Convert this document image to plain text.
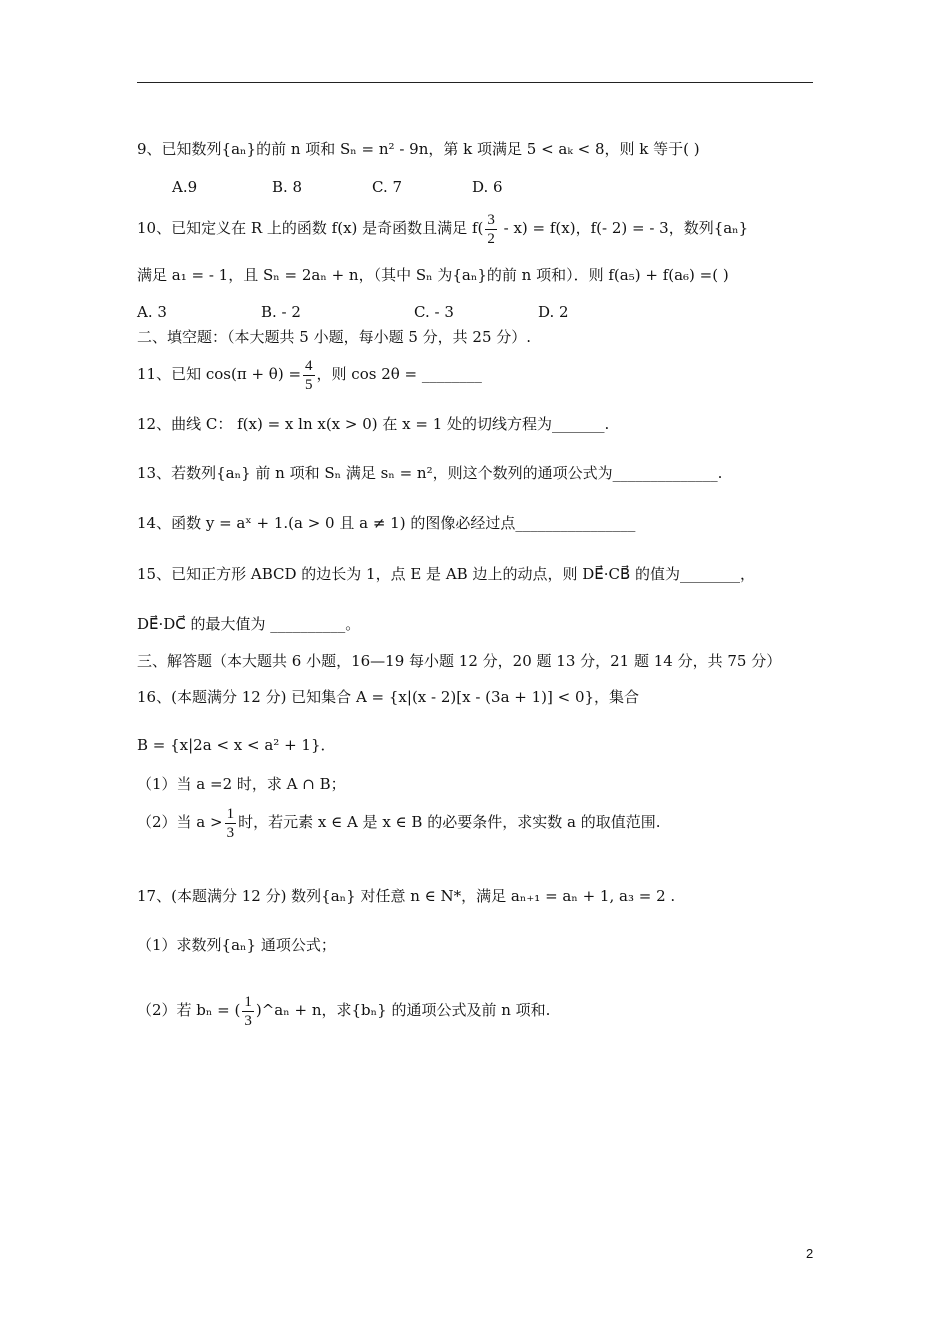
9、已知数列{aₙ}的前 n 项和 Sₙ = n² - 9n，第 k 项满足 5 < aₖ < 8，则 k 等于( )
A.9	B. 8	C. 7	D. 6
10、已知定义在 R 上的函数 f(x) 是奇函数且满足 $f( \frac{3}{2} - x) = f(x)$，f(- 2) = - 3，数列{aₙ}
满足 a₁ = - 1，且 Sₙ = 2aₙ + n，（其中 Sₙ 为{aₙ}的前 n 项和）．则 f(a₅) + f(a₆) =( )
A. 3	B. - 2	C. - 3	D. 2
二、填空题：（本大题共 5 小题，每小题 5 分，共 25 分）.
11、已知 $\cos(\pi + \theta) = \frac{4}{5}$ ，则 cos 2θ = ________
12、曲线 C： f(x) = x ln x(x > 0) 在 x = 1 处的切线方程为_______.
13、若数列{aₙ} 前 n 项和 Sₙ 满足 sₙ = n²，则这个数列的通项公式为______________.
14、函数 y = aˣ + 1.(a > 0 且 a ≠ 1) 的图像必经过点________________
15、已知正方形 ABCD 的边长为 1，点 E 是 AB 边上的动点，则 DE⃗·CB⃗ 的值为________，
DE⃗·DC⃗ 的最大值为 __________。
三、解答题（本大题共 6 小题，16—19 每小题 12 分，20 题 13 分，21 题 14 分，共 75 分）
16、(本题满分 12 分) 已知集合 A = {x|(x - 2)[x - (3a + 1)] < 0}，集合
B = {x|2a < x < a² + 1}．
（1）当 a =2 时，求 A ∩ B；
（2）当 $a > \frac{1}{3}$ 时，若元素 x ∈ A 是 x ∈ B 的必要条件，求实数 a 的取值范围.
17、(本题满分 12 分) 数列{aₙ} 对任意 n ∈ N*，满足 aₙ₊₁ = aₙ + 1, a₃ = 2 .
（1）求数列{aₙ} 通项公式；
（2）若 bₙ = ( $\frac{1}{3}$ )^aₙ + n，求{bₙ} 的通项公式及前 n 项和.
2
